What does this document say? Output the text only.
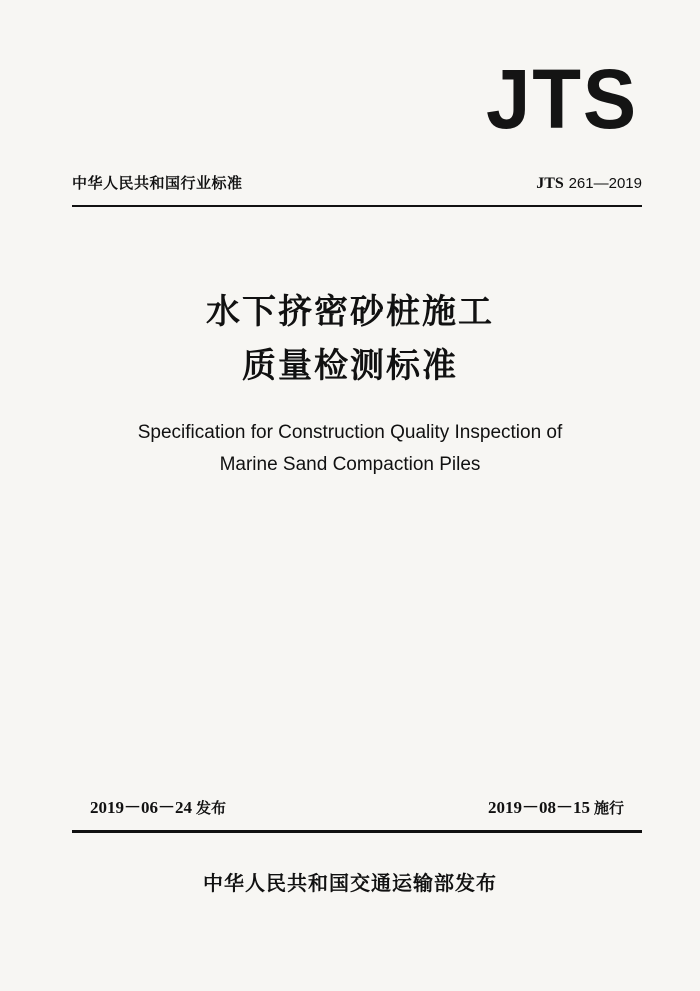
JTS
中华人民共和国行业标准	JTS 261—2019
水下挤密砂桩施工
质量检测标准
Specification for Construction Quality Inspection of
Marine Sand Compaction Piles
2019－06－24 发布	2019－08－15 施行
中华人民共和国交通运输部发布
